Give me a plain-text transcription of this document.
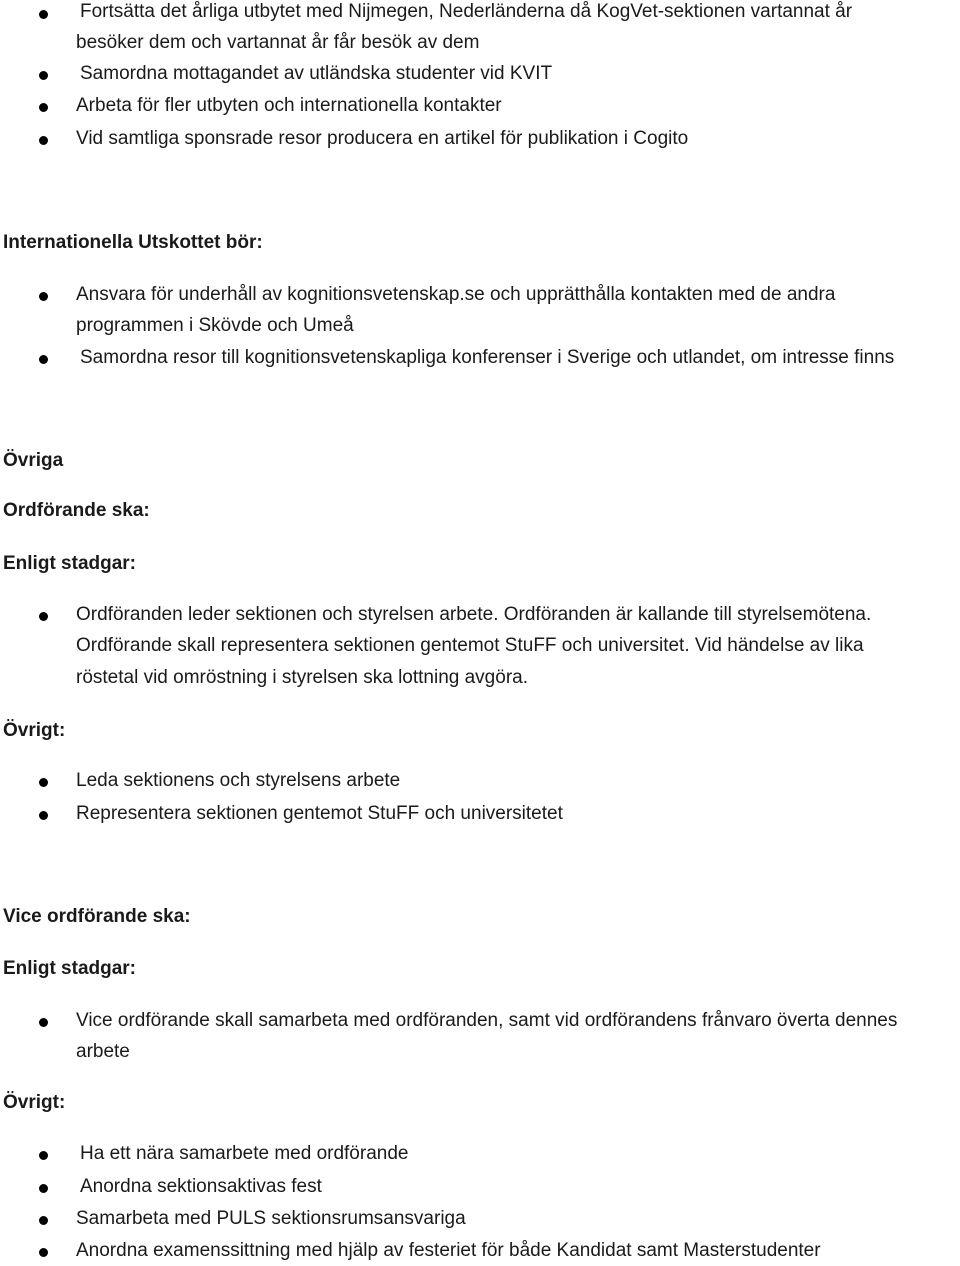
Fortsätta det årliga utbytet med Nijmegen, Nederländerna då KogVet-sektionen vartannat år
besöker dem och vartannat år får besök av dem
Samordna mottagandet av utländska studenter vid KVIT
Arbeta för fler utbyten och internationella kontakter
Vid samtliga sponsrade resor producera en artikel för publikation i Cogito
Internationella Utskottet bör:
Ansvara för underhåll av kognitionsvetenskap.se och upprätthålla kontakten med de andra
programmen i Skövde och Umeå
Samordna resor till kognitionsvetenskapliga konferenser i Sverige och utlandet, om intresse finns
Övriga
Ordförande ska:
Enligt stadgar:
Ordföranden leder sektionen och styrelsen arbete. Ordföranden är kallande till styrelsemötena.
Ordförande skall representera sektionen gentemot StuFF och universitet. Vid händelse av lika
röstetal vid omröstning i styrelsen ska lottning avgöra.
Övrigt:
Leda sektionens och styrelsens arbete
Representera sektionen gentemot StuFF och universitetet
Vice ordförande ska:
Enligt stadgar:
Vice ordförande skall samarbeta med ordföranden, samt vid ordförandens frånvaro överta dennes
arbete
Övrigt:
Ha ett nära samarbete med ordförande
Anordna sektionsaktivas fest
Samarbeta med PULS sektionsrumsansvariga
Anordna examenssittning med hjälp av festeriet för både Kandidat samt Masterstudenter
